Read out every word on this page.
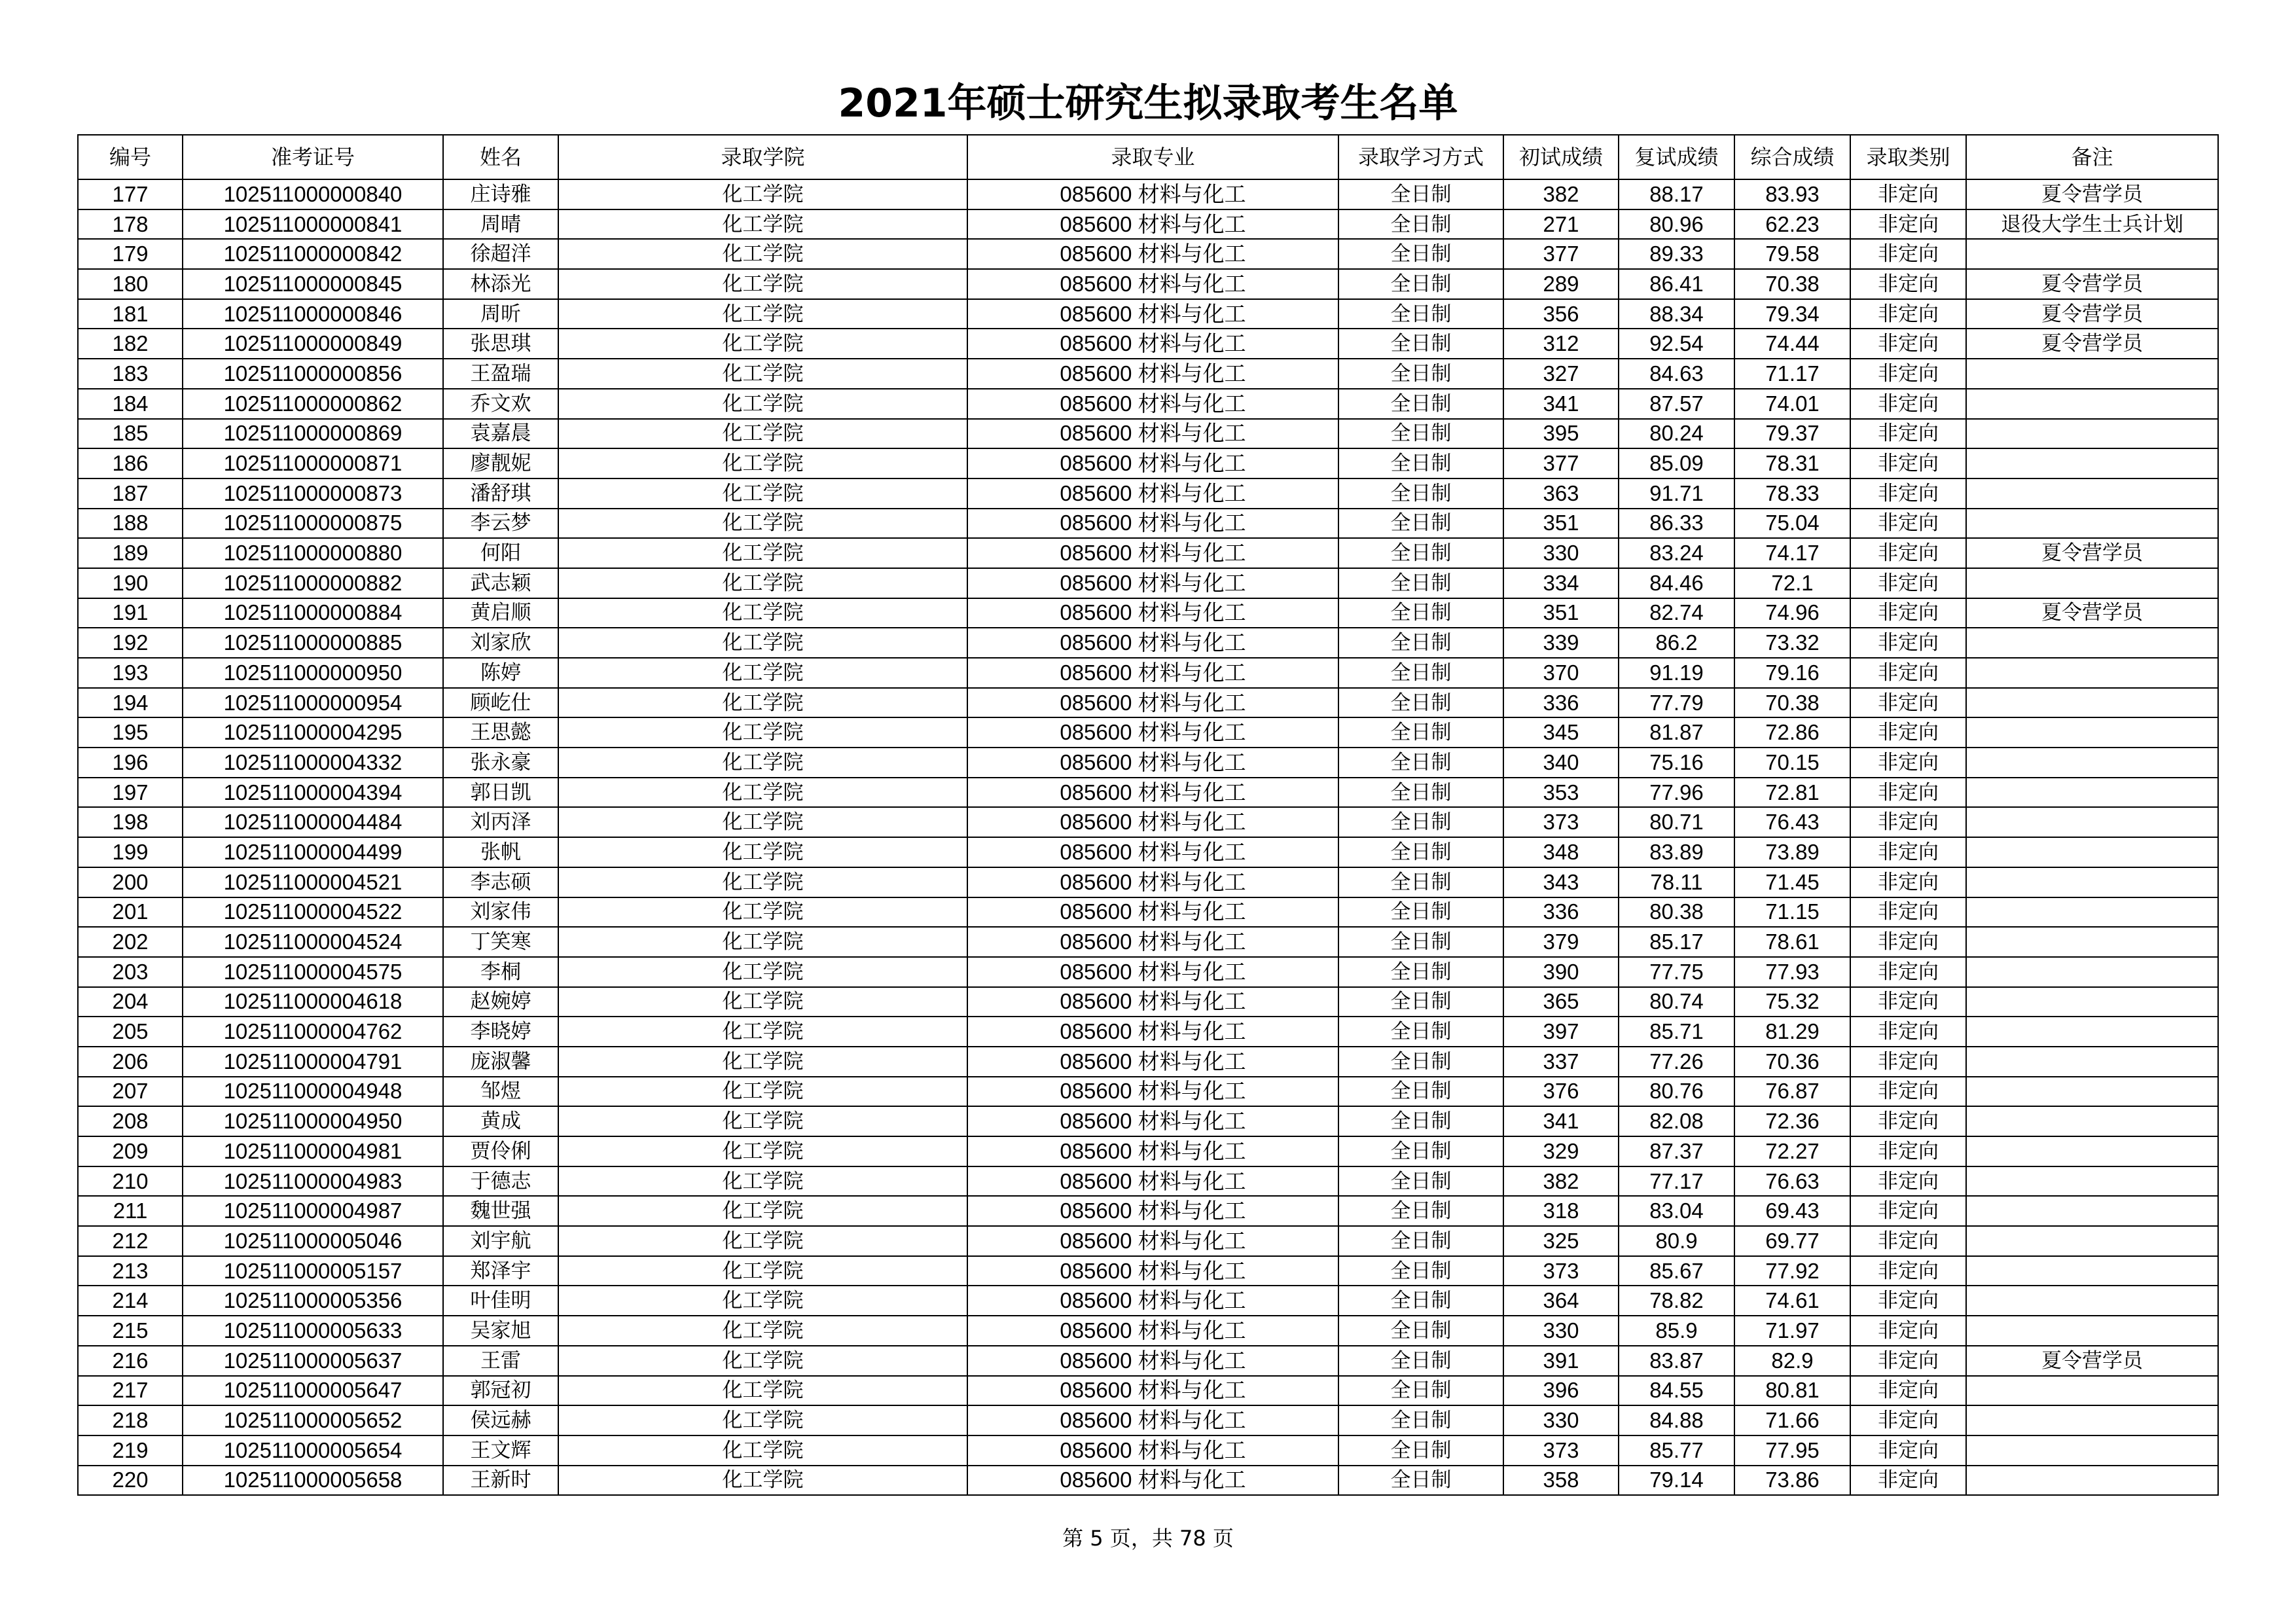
2021年硕士研究生拟录取考生名单
编号	准考证号	姓名	录取学院	录取专业	录取学习方式	初试成绩	复试成绩	综合成绩	录取类别	备注
177	102511000000840	庄诗雅	化工学院	085600 材料与化工	全日制	382	88.17	83.93	非定向	夏令营学员
178	102511000000841	周晴	化工学院	085600 材料与化工	全日制	271	80.96	62.23	非定向	退役大学生士兵计划
179	102511000000842	徐超洋	化工学院	085600 材料与化工	全日制	377	89.33	79.58	非定向	
180	102511000000845	林添光	化工学院	085600 材料与化工	全日制	289	86.41	70.38	非定向	夏令营学员
181	102511000000846	周昕	化工学院	085600 材料与化工	全日制	356	88.34	79.34	非定向	夏令营学员
182	102511000000849	张思琪	化工学院	085600 材料与化工	全日制	312	92.54	74.44	非定向	夏令营学员
183	102511000000856	王盈瑞	化工学院	085600 材料与化工	全日制	327	84.63	71.17	非定向	
184	102511000000862	乔文欢	化工学院	085600 材料与化工	全日制	341	87.57	74.01	非定向	
185	102511000000869	袁嘉晨	化工学院	085600 材料与化工	全日制	395	80.24	79.37	非定向	
186	102511000000871	廖靓妮	化工学院	085600 材料与化工	全日制	377	85.09	78.31	非定向	
187	102511000000873	潘舒琪	化工学院	085600 材料与化工	全日制	363	91.71	78.33	非定向	
188	102511000000875	李云梦	化工学院	085600 材料与化工	全日制	351	86.33	75.04	非定向	
189	102511000000880	何阳	化工学院	085600 材料与化工	全日制	330	83.24	74.17	非定向	夏令营学员
190	102511000000882	武志颖	化工学院	085600 材料与化工	全日制	334	84.46	72.1	非定向	
191	102511000000884	黄启顺	化工学院	085600 材料与化工	全日制	351	82.74	74.96	非定向	夏令营学员
192	102511000000885	刘家欣	化工学院	085600 材料与化工	全日制	339	86.2	73.32	非定向	
193	102511000000950	陈婷	化工学院	085600 材料与化工	全日制	370	91.19	79.16	非定向	
194	102511000000954	顾屹仕	化工学院	085600 材料与化工	全日制	336	77.79	70.38	非定向	
195	102511000004295	王思懿	化工学院	085600 材料与化工	全日制	345	81.87	72.86	非定向	
196	102511000004332	张永豪	化工学院	085600 材料与化工	全日制	340	75.16	70.15	非定向	
197	102511000004394	郭日凯	化工学院	085600 材料与化工	全日制	353	77.96	72.81	非定向	
198	102511000004484	刘丙泽	化工学院	085600 材料与化工	全日制	373	80.71	76.43	非定向	
199	102511000004499	张帆	化工学院	085600 材料与化工	全日制	348	83.89	73.89	非定向	
200	102511000004521	李志硕	化工学院	085600 材料与化工	全日制	343	78.11	71.45	非定向	
201	102511000004522	刘家伟	化工学院	085600 材料与化工	全日制	336	80.38	71.15	非定向	
202	102511000004524	丁笑寒	化工学院	085600 材料与化工	全日制	379	85.17	78.61	非定向	
203	102511000004575	李桐	化工学院	085600 材料与化工	全日制	390	77.75	77.93	非定向	
204	102511000004618	赵婉婷	化工学院	085600 材料与化工	全日制	365	80.74	75.32	非定向	
205	102511000004762	李晓婷	化工学院	085600 材料与化工	全日制	397	85.71	81.29	非定向	
206	102511000004791	庞淑馨	化工学院	085600 材料与化工	全日制	337	77.26	70.36	非定向	
207	102511000004948	邹煜	化工学院	085600 材料与化工	全日制	376	80.76	76.87	非定向	
208	102511000004950	黄成	化工学院	085600 材料与化工	全日制	341	82.08	72.36	非定向	
209	102511000004981	贾伶俐	化工学院	085600 材料与化工	全日制	329	87.37	72.27	非定向	
210	102511000004983	于德志	化工学院	085600 材料与化工	全日制	382	77.17	76.63	非定向	
211	102511000004987	魏世强	化工学院	085600 材料与化工	全日制	318	83.04	69.43	非定向	
212	102511000005046	刘宇航	化工学院	085600 材料与化工	全日制	325	80.9	69.77	非定向	
213	102511000005157	郑泽宇	化工学院	085600 材料与化工	全日制	373	85.67	77.92	非定向	
214	102511000005356	叶佳明	化工学院	085600 材料与化工	全日制	364	78.82	74.61	非定向	
215	102511000005633	吴家旭	化工学院	085600 材料与化工	全日制	330	85.9	71.97	非定向	
216	102511000005637	王雷	化工学院	085600 材料与化工	全日制	391	83.87	82.9	非定向	夏令营学员
217	102511000005647	郭冠初	化工学院	085600 材料与化工	全日制	396	84.55	80.81	非定向	
218	102511000005652	侯远赫	化工学院	085600 材料与化工	全日制	330	84.88	71.66	非定向	
219	102511000005654	王文辉	化工学院	085600 材料与化工	全日制	373	85.77	77.95	非定向	
220	102511000005658	王新时	化工学院	085600 材料与化工	全日制	358	79.14	73.86	非定向	
第 5 页，共 78 页
